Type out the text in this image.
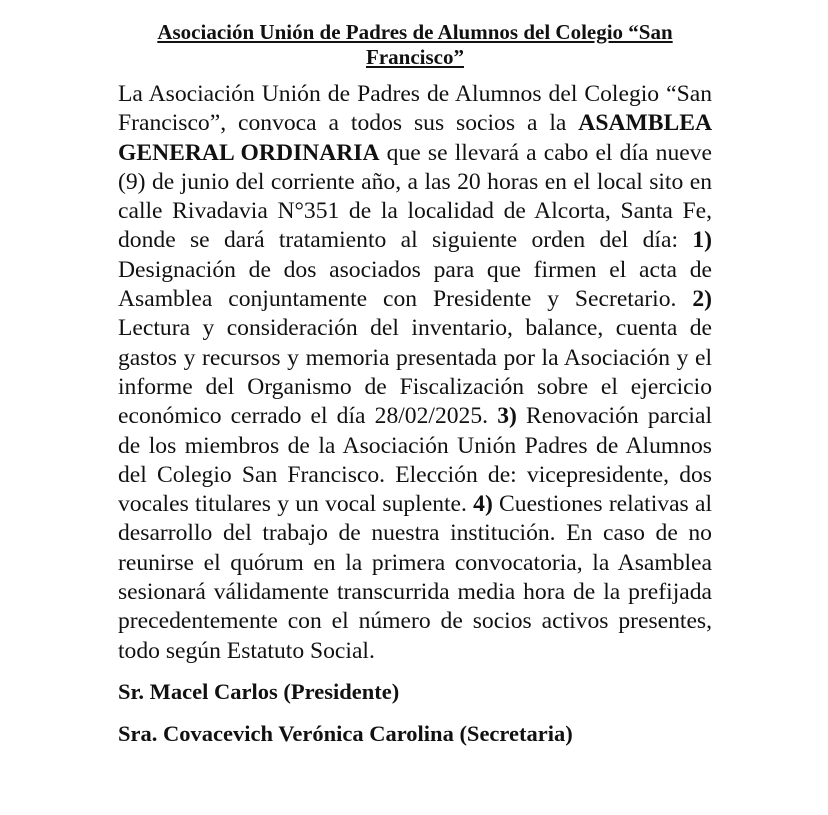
Asociación Unión de Padres de Alumnos del Colegio “San Francisco”

La Asociación Unión de Padres de Alumnos del Colegio “San Francisco”, convoca a todos sus socios a la ASAMBLEA GENERAL ORDINARIA que se llevará a cabo el día nueve (9) de junio del corriente año, a las 20 horas en el local sito en calle Rivadavia N°351 de la localidad de Alcorta, Santa Fe, donde se dará tratamiento al siguiente orden del día: 1) Designación de dos asociados para que firmen el acta de Asamblea conjuntamente con Presidente y Secretario. 2) Lectura y consideración del inventario, balance, cuenta de gastos y recursos y memoria presentada por la Asociación y el informe del Organismo de Fiscalización sobre el ejercicio económico cerrado el día 28/02/2025. 3) Renovación parcial de los miembros de la Asociación Unión Padres de Alumnos del Colegio San Francisco. Elección de: vicepresidente, dos vocales titulares y un vocal suplente. 4) Cuestiones relativas al desarrollo del trabajo de nuestra institución. En caso de no reunirse el quórum en la primera convocatoria, la Asamblea sesionará válidamente transcurrida media hora de la prefijada precedentemente con el número de socios activos presentes, todo según Estatuto Social.

Sr. Macel Carlos (Presidente)

Sra. Covacevich Verónica Carolina (Secretaria)
